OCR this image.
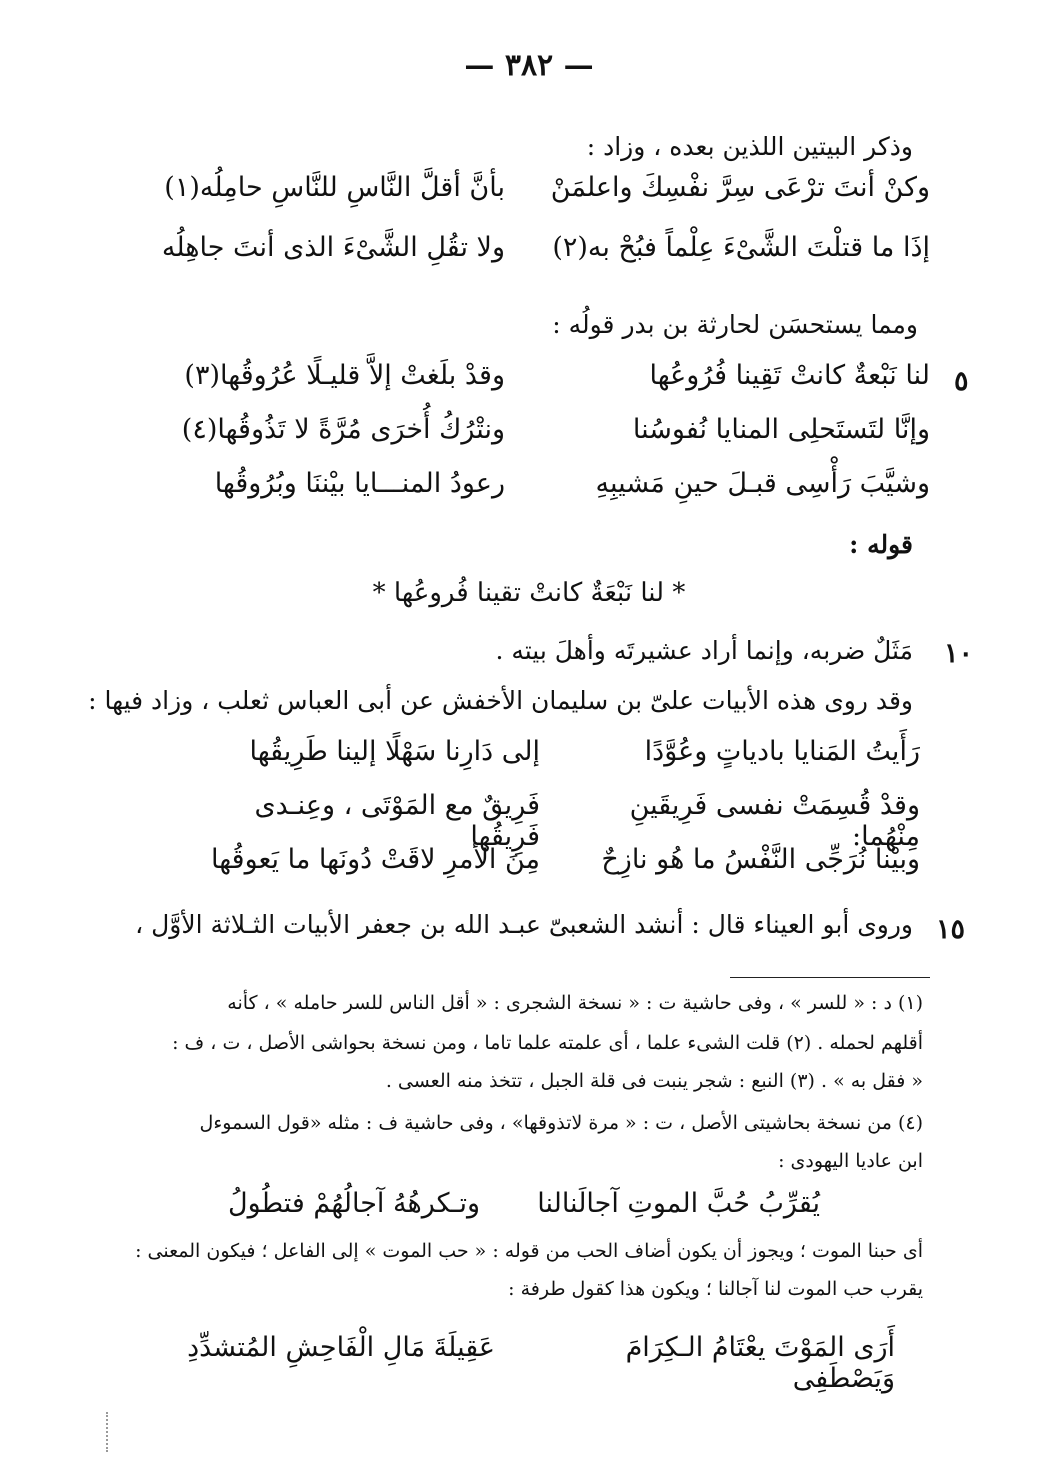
— ٣٨٢ —
وذكر البيتين اللذين بعده ، وزاد :
وكنْ أنتَ ترْعَى سِرَّ نفْسِكَ واعلمَنْ
بأنَّ أقلَّ النَّاسِ للنَّاسِ حامِلُه(١)
إذَا ما قتلْتَ الشَّىْءَ عِلْماً فبُحْ به(٢)
ولا تقُلِ الشَّىْءَ الذى أنتَ جاهِلُه
ومما يستحسَن لحارثة بن بدر قولُه :
٥
لنا نَبْعةٌ كانتْ تَقِينا فُرُوعُها
وقدْ بلَغتْ إلاَّ قليـلًا عُرُوقُها(٣)
وإنَّا لتَستَحلِى المنايا نُفوسُنا
ونتْرُكُ أُخرَى مُرَّةً لا تَذُوقُها(٤)
وشيَّبَ رَأْسِى قبـلَ حينِ مَشيبِهِ
رعودُ المنـــايا بيْننَا وبُرُوقُها
قوله :
* لنا نَبْعَةٌ كانتْ تقينا فُروعُها *
١٠
مَثَلٌ ضربه، وإنما أراد عشيرتَه وأهلَ بيته .
وقد روى هذه الأبيات علىّ بن سليمان الأخفش عن أبى العباس ثعلب ، وزاد فيها :
رَأَيتُ المَنايا بادياتٍ وعُوَّدًا
إلى دَارِنا سَهْلًا إلينا طَرِيقُها
وقدْ قُسِمَتْ نفسى فَرِيقَينِ مِنْهُما:
فَرِيقٌ مع المَوْتَى ، وعِنـدى فَرِيقُها
وبيْنا نُرَجِّى النَّفْسُ ما هُو نازِحٌ
مِنَ الأمرِ لاقَتْ دُونَها ما يَعوقُها
١٥
وروى أبو العيناء قال : أنشد الشعبىّ عبـد الله بن جعفر الأبيات الثـلاثة الأوَّل ،
(١) د : « للسر » ، وفى حاشية ت : « نسخة الشجرى : « أقل الناس للسر حامله » ، كأنه
أقلهم لحمله . (٢) قلت الشىء علما ، أى علمته علما تاما ، ومن نسخة بحواشى الأصل ، ت ، ف :
« فقل به » . (٣) النبع : شجر ينبت فى قلة الجبل ، تتخذ منه العسى .
(٤) من نسخة بحاشيتى الأصل ، ت : « مرة لاتذوقها» ، وفى حاشية ف : مثله «قول السموءل
ابن عاديا اليهودى :
يُقرِّبُ حُبَّ الموتِ آجالَنالنا
وتـكرهُهُ آجالُهُمْ فتطُولُ
أى حبنا الموت ؛ ويجوز أن يكون أضاف الحب من قوله : « حب الموت » إلى الفاعل ؛ فيكون المعنى :
يقرب حب الموت لنا آجالنا ؛ ويكون هذا كقول طرفة :
أَرَى المَوْتَ يعْتَامُ الـكِرَامَ وَيَصْطَفِى
عَقِيلَةَ مَالِ الْفَاحِشِ المُتشدِّدِ
